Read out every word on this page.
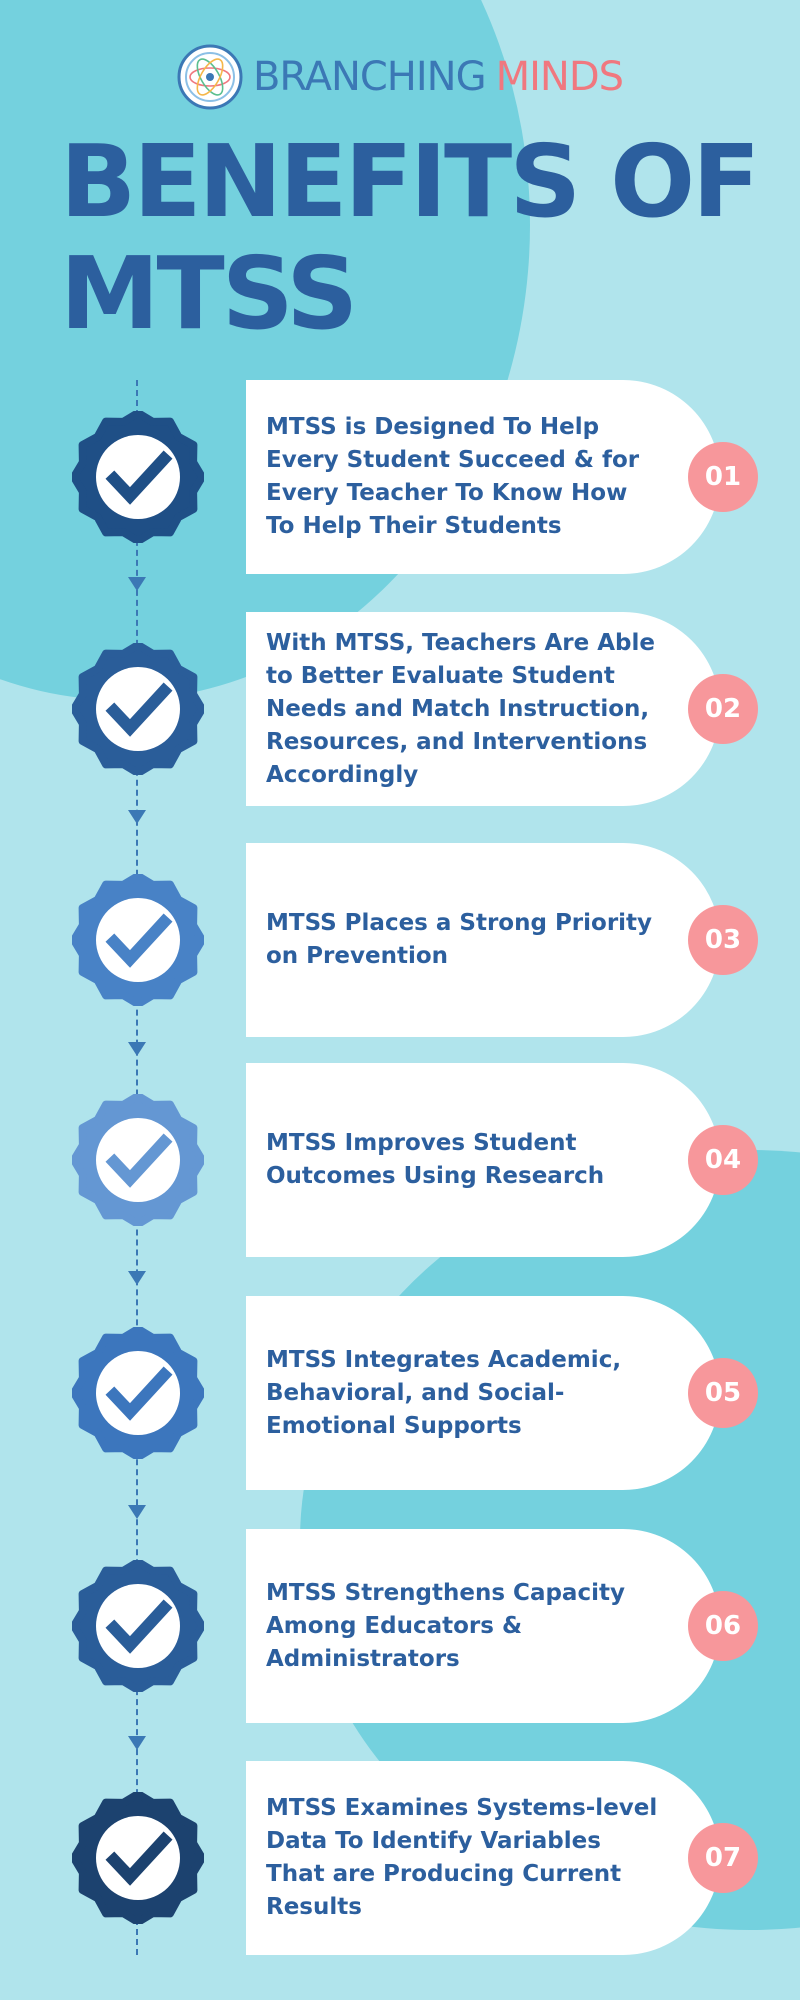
BRANCHING MINDS
BENEFITS OF
MTSS
MTSS is Designed To Help Every Student Succeed & for Every Teacher To Know How To Help Their Students
01
With MTSS, Teachers Are Able to Better Evaluate Student Needs and Match Instruction, Resources, and Interventions Accordingly
02
MTSS Places a Strong Priority on Prevention
03
MTSS Improves Student Outcomes Using Research
04
MTSS Integrates Academic, Behavioral, and Social-Emotional Supports
05
MTSS Strengthens Capacity Among Educators & Administrators
06
MTSS Examines Systems-level Data To Identify Variables That are Producing Current Results
07
